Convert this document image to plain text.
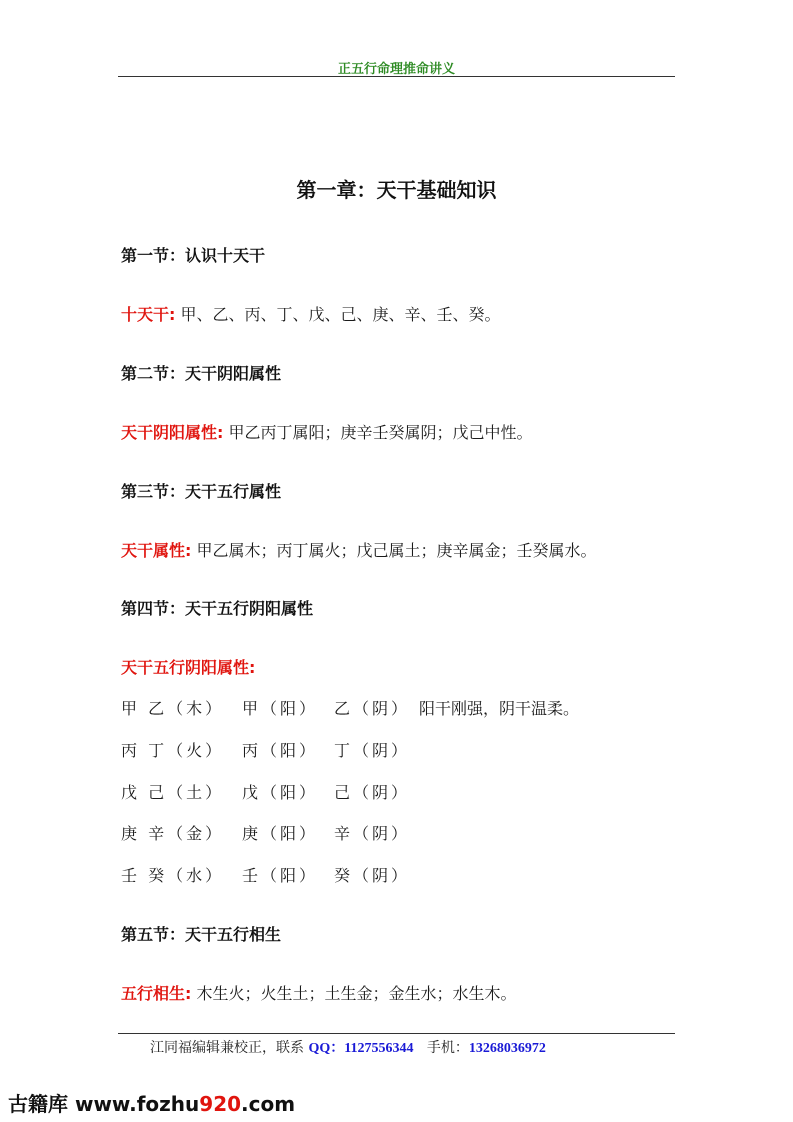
正五行命理推命讲义
第一章：天干基础知识
第一节：认识十天干
十天干: 甲、乙、丙、丁、戊、己、庚、辛、壬、癸。
第二节：天干阴阳属性
天干阴阳属性: 甲乙丙丁属阳；庚辛壬癸属阴；戊己中性。
第三节：天干五行属性
天干属性: 甲乙属木；丙丁属火；戊己属土；庚辛属金；壬癸属水。
第四节：天干五行阴阳属性
天干五行阴阳属性:
甲 乙（木） 甲（阳） 乙（阴） 阳干刚强，阴干温柔。
丙 丁（火） 丙（阳） 丁（阴）
戊 己（土） 戊（阳） 己（阴）
庚 辛（金） 庚（阳） 辛（阴）
壬 癸（水） 壬（阳） 癸（阴）
第五节：天干五行相生
五行相生: 木生火；火生土；土生金；金生水；水生木。
江同福编辑兼校正，联系 QQ：1127556344   手机：13268036972
古籍库 www.fozhu920.com
